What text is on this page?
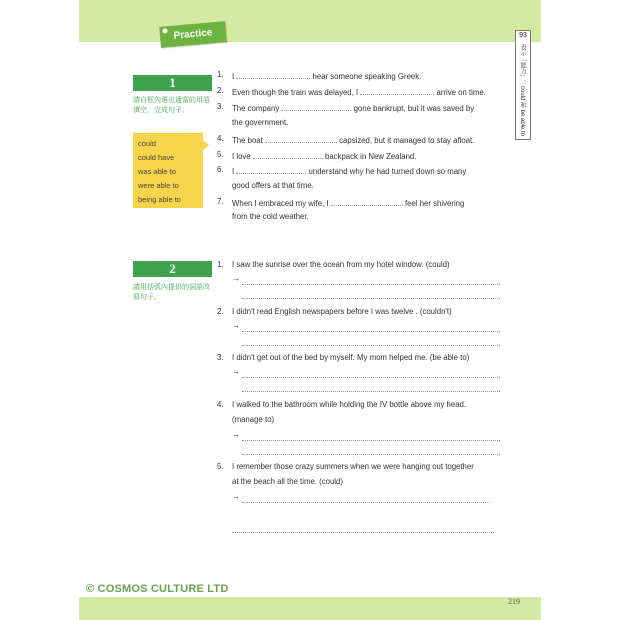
Practice	93
表示「能力」：could 和 be able to
1
請自框內選出適當的用語填空，完成句子。
could
could have
was able to
were able to
being able to
1. I	hear someone speaking Greek.
2. Even though the train was delayed, I	arrive on time.
3. The company	gone bankrupt, but it was saved by
the government.
4. The boat	capsized, but it managed to stay afloat.
5. I love	backpack in New Zealand.
6. I	understand why he had turned down so many
good offers at that time.
7. When I embraced my wife, I	feel her shivering
from the cold weather.
2
請用括弧內提供的詞語改寫句子。
1. I saw the sunrise over the ocean from my hotel window. (could)
→
2. I didn't read English newspapers before I was twelve . (couldn't)
→
3. I didn't get out of the bed by myself. My mom helped me. (be able to)
→
4. I walked to the bathroom while holding the IV bottle above my head.
(manage to)
→
5. I remember those crazy summers when we were hanging out together
at the beach all the time. (could)
→
© COSMOS CULTURE LTD
219
